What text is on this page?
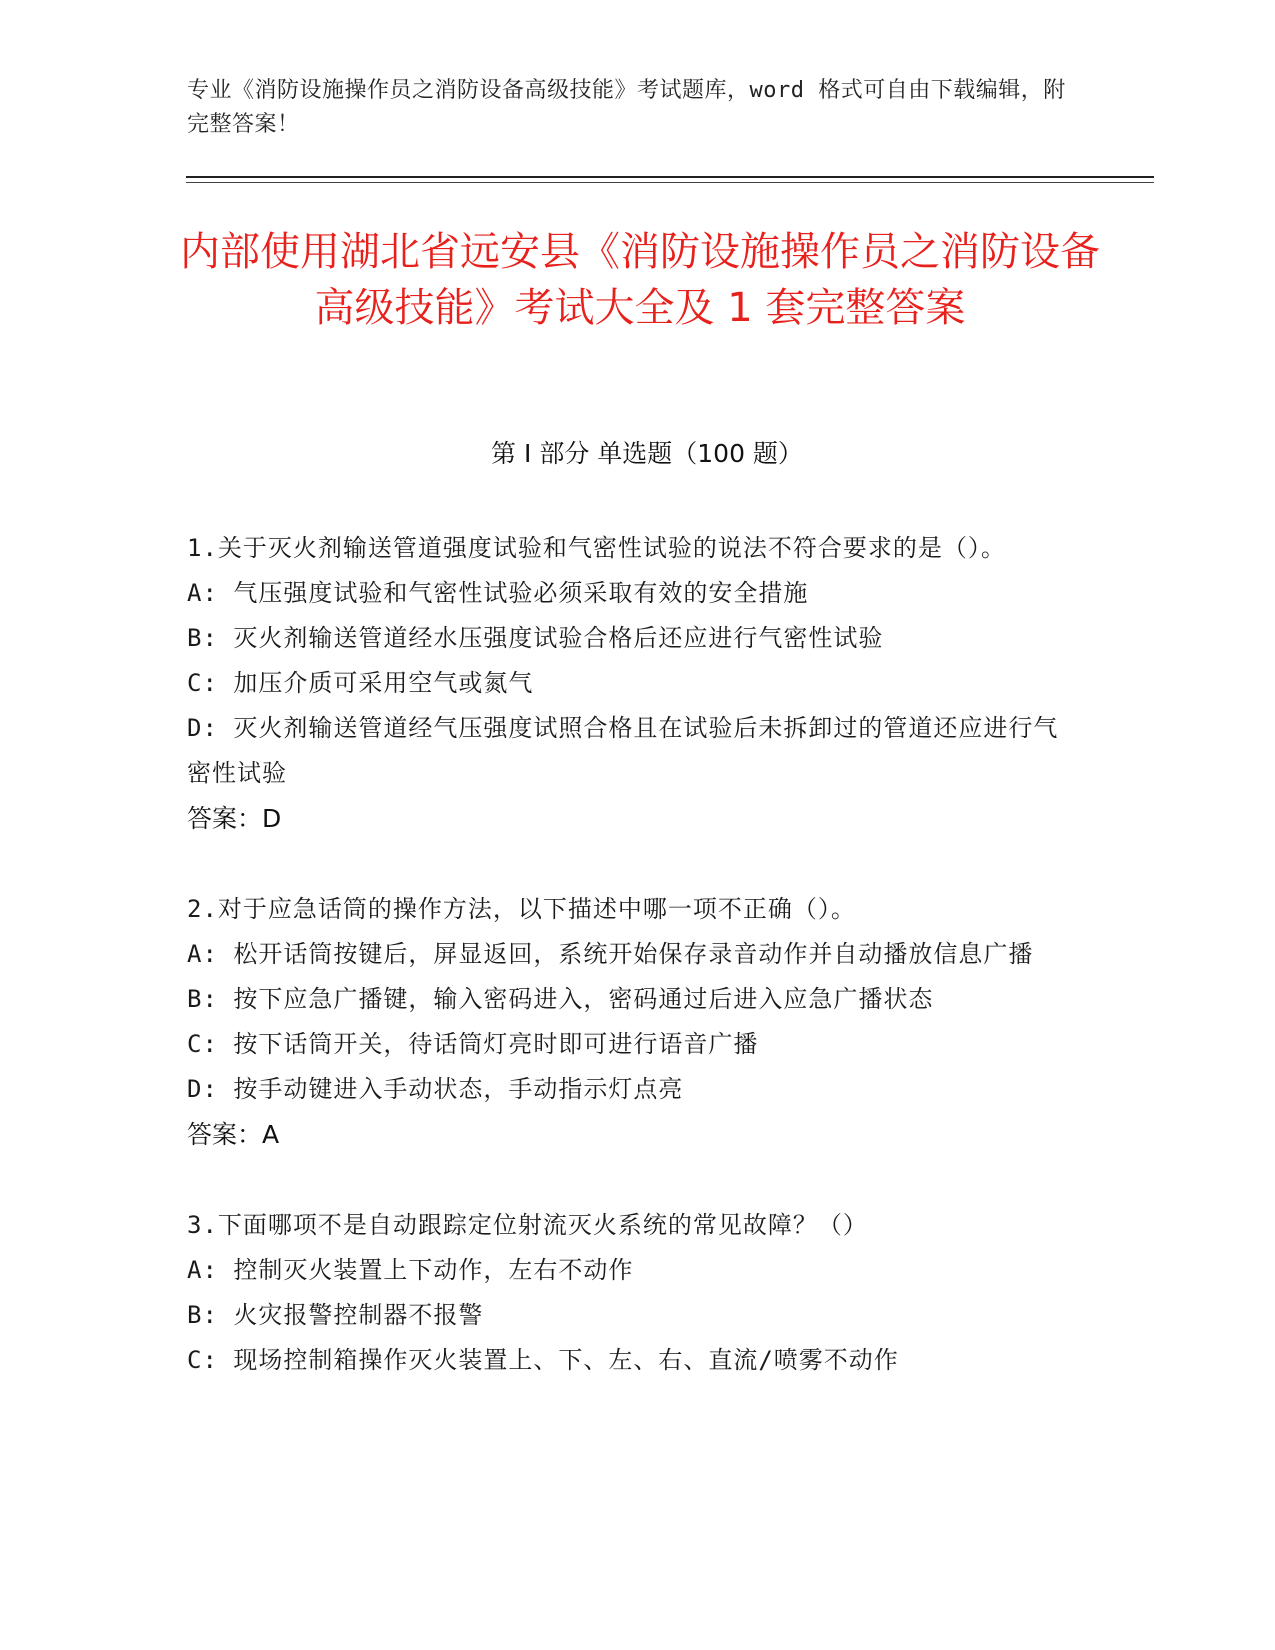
专业《消防设施操作员之消防设备高级技能》考试题库，word 格式可自由下载编辑，附完整答案！
内部使用湖北省远安县《消防设施操作员之消防设备高级技能》考试大全及 1 套完整答案
第 I 部分 单选题（100 题）

1.关于灭火剂输送管道强度试验和气密性试验的说法不符合要求的是（）。

A: 气压强度试验和气密性试验必须采取有效的安全措施

B: 灭火剂输送管道经水压强度试验合格后还应进行气密性试验

C: 加压介质可采用空气或氮气

D: 灭火剂输送管道经气压强度试照合格且在试验后未拆卸过的管道还应进行气密性试验

答案：D

2.对于应急话筒的操作方法，以下描述中哪一项不正确（）。

A: 松开话筒按键后，屏显返回，系统开始保存录音动作并自动播放信息广播

B: 按下应急广播键，输入密码进入，密码通过后进入应急广播状态

C: 按下话筒开关，待话筒灯亮时即可进行语音广播

D: 按手动键进入手动状态，手动指示灯点亮

答案：A

3.下面哪项不是自动跟踪定位射流灭火系统的常见故障？（）

A: 控制灭火装置上下动作，左右不动作

B: 火灾报警控制器不报警

C: 现场控制箱操作灭火装置上、下、左、右、直流/喷雾不动作
